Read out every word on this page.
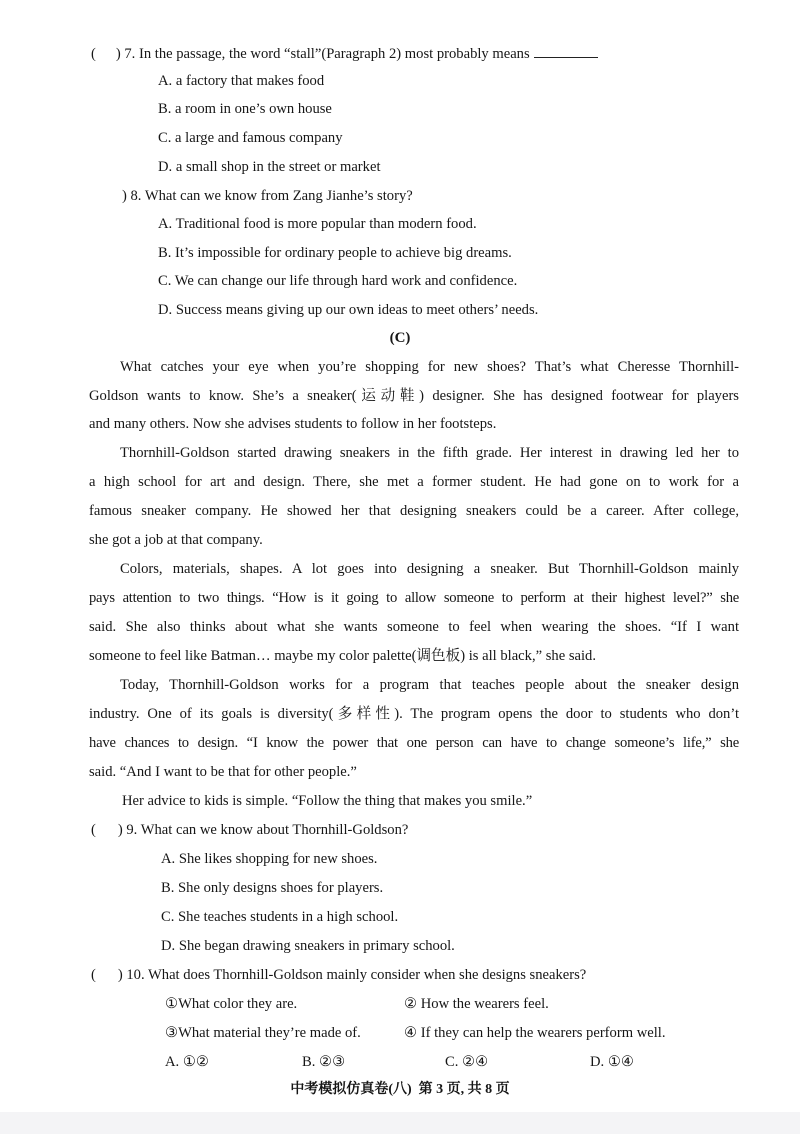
( ) 7. In the passage, the word “stall”(Paragraph 2) most probably means
A. a factory that makes food
B. a room in one’s own house
C. a large and famous company
D. a small shop in the street or market
) 8. What can we know from Zang Jianhe’s story?
A. Traditional food is more popular than modern food.
B. It’s impossible for ordinary people to achieve big dreams.
C. We can change our life through hard work and confidence.
D. Success means giving up our own ideas to meet others’ needs.
(C)
What catches your eye when you’re shopping for new shoes? That’s what Cheresse Thornhill-
Goldson wants to know. She’s a sneaker(运动鞋) designer. She has designed footwear for players
and many others. Now she advises students to follow in her footsteps.
Thornhill-Goldson started drawing sneakers in the fifth grade. Her interest in drawing led her to
a high school for art and design. There, she met a former student. He had gone on to work for a
famous sneaker company. He showed her that designing sneakers could be a career. After college,
she got a job at that company.
Colors, materials, shapes. A lot goes into designing a sneaker. But Thornhill-Goldson mainly
pays attention to two things. “How is it going to allow someone to perform at their highest level?” she
said. She also thinks about what she wants someone to feel when wearing the shoes. “If I want
someone to feel like Batman… maybe my color palette(调色板) is all black,” she said.
Today, Thornhill-Goldson works for a program that teaches people about the sneaker design
industry. One of its goals is diversity(多样性). The program opens the door to students who don’t
have chances to design. “I know the power that one person can have to change someone’s life,” she
said. “And I want to be that for other people.”
Her advice to kids is simple. “Follow the thing that makes you smile.”
( ) 9. What can we know about Thornhill-Goldson?
A. She likes shopping for new shoes.
B. She only designs shoes for players.
C. She teaches students in a high school.
D. She began drawing sneakers in primary school.
( ) 10. What does Thornhill-Goldson mainly consider when she designs sneakers?
①What color they are.	② How the wearers feel.
③What material they’re made of.	④ If they can help the wearers perform well.
A. ①②	B. ②③	C. ②④	D. ①④
中考模拟仿真卷(八)  第 3 页, 共 8 页
